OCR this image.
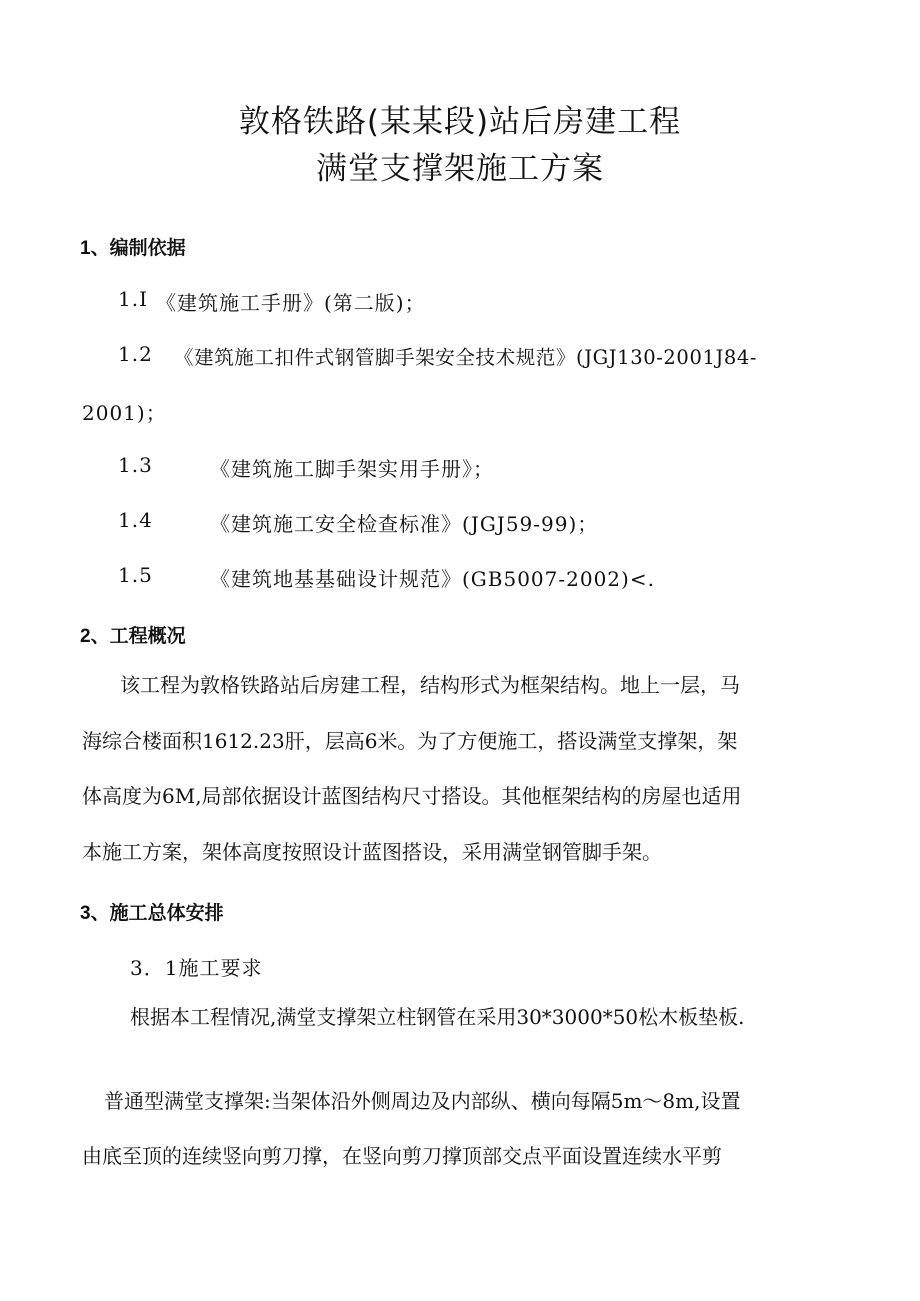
敦格铁路(某某段)站后房建工程
满堂支撑架施工方案
1、编制依据
1.I 《建筑施工手册》(第二版)；
1.2 《建筑施工扣件式钢管脚手架安全技术规范》(JGJ130-2001J84-
2001)；
1.3	《建筑施工脚手架实用手册》；
1.4	《建筑施工安全检查标准》(JGJ59-99)；
1.5	《建筑地基基础设计规范》(GB5007-2002)<.
2、工程概况
该工程为敦格铁路站后房建工程，结构形式为框架结构。地上一层，马
海综合楼面积1612.23肝，层高6米。为了方便施工，搭设满堂支撑架，架
体高度为6M,局部依据设计蓝图结构尺寸搭设。其他框架结构的房屋也适用
本施工方案，架体高度按照设计蓝图搭设，采用满堂钢管脚手架。
3、施工总体安排
3．1施工要求
根据本工程情况,满堂支撑架立柱钢管在采用30*3000*50松木板垫板.
普通型满堂支撑架:当架体沿外侧周边及内部纵、横向每隔5m～8m,设置
由底至顶的连续竖向剪刀撑，在竖向剪刀撑顶部交点平面设置连续水平剪
